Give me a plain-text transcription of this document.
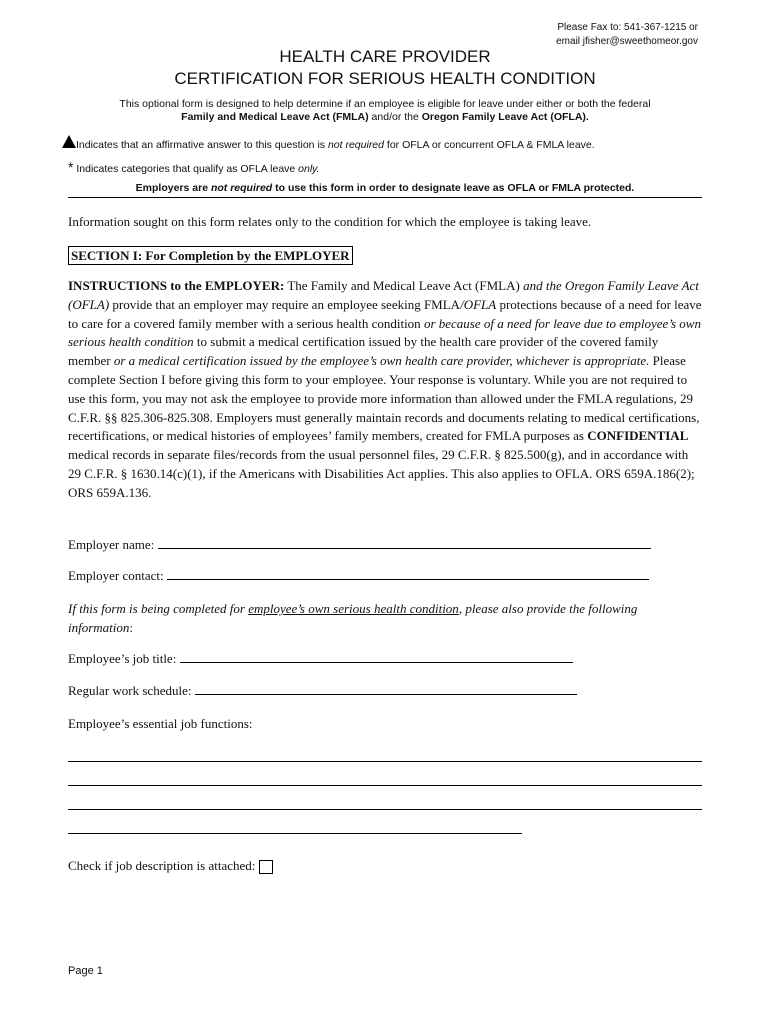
Please Fax to: 541-367-1215 or
email jfisher@sweethomeor.gov
HEALTH CARE PROVIDER
CERTIFICATION FOR SERIOUS HEALTH CONDITION
This optional form is designed to help determine if an employee is eligible for leave under either or both the federal
Family and Medical Leave Act (FMLA) and/or the Oregon Family Leave Act (OFLA).
Indicates that an affirmative answer to this question is not required for OFLA or concurrent OFLA & FMLA leave.
* Indicates categories that qualify as OFLA leave only.
Employers are not required to use this form in order to designate leave as OFLA or FMLA protected.
Information sought on this form relates only to the condition for which the employee is taking leave.
SECTION I: For Completion by the EMPLOYER
INSTRUCTIONS to the EMPLOYER: The Family and Medical Leave Act (FMLA) and the Oregon Family Leave Act (OFLA) provide that an employer may require an employee seeking FMLA/OFLA protections because of a need for leave to care for a covered family member with a serious health condition or because of a need for leave due to employee’s own serious health condition to submit a medical certification issued by the health care provider of the covered family member or a medical certification issued by the employee’s own health care provider, whichever is appropriate. Please complete Section I before giving this form to your employee. Your response is voluntary. While you are not required to use this form, you may not ask the employee to provide more information than allowed under the FMLA regulations, 29 C.F.R. §§ 825.306-825.308. Employers must generally maintain records and documents relating to medical certifications, recertifications, or medical histories of employees’ family members, created for FMLA purposes as CONFIDENTIAL medical records in separate files/records from the usual personnel files, 29 C.F.R. § 825.500(g), and in accordance with 29 C.F.R. § 1630.14(c)(1), if the Americans with Disabilities Act applies. This also applies to OFLA. ORS 659A.186(2); ORS 659A.136.
Employer name:
Employer contact:
If this form is being completed for employee’s own serious health condition, please also provide the following information:
Employee’s job title:
Regular work schedule:
Employee’s essential job functions:
Check if job description is attached:
Page 1
